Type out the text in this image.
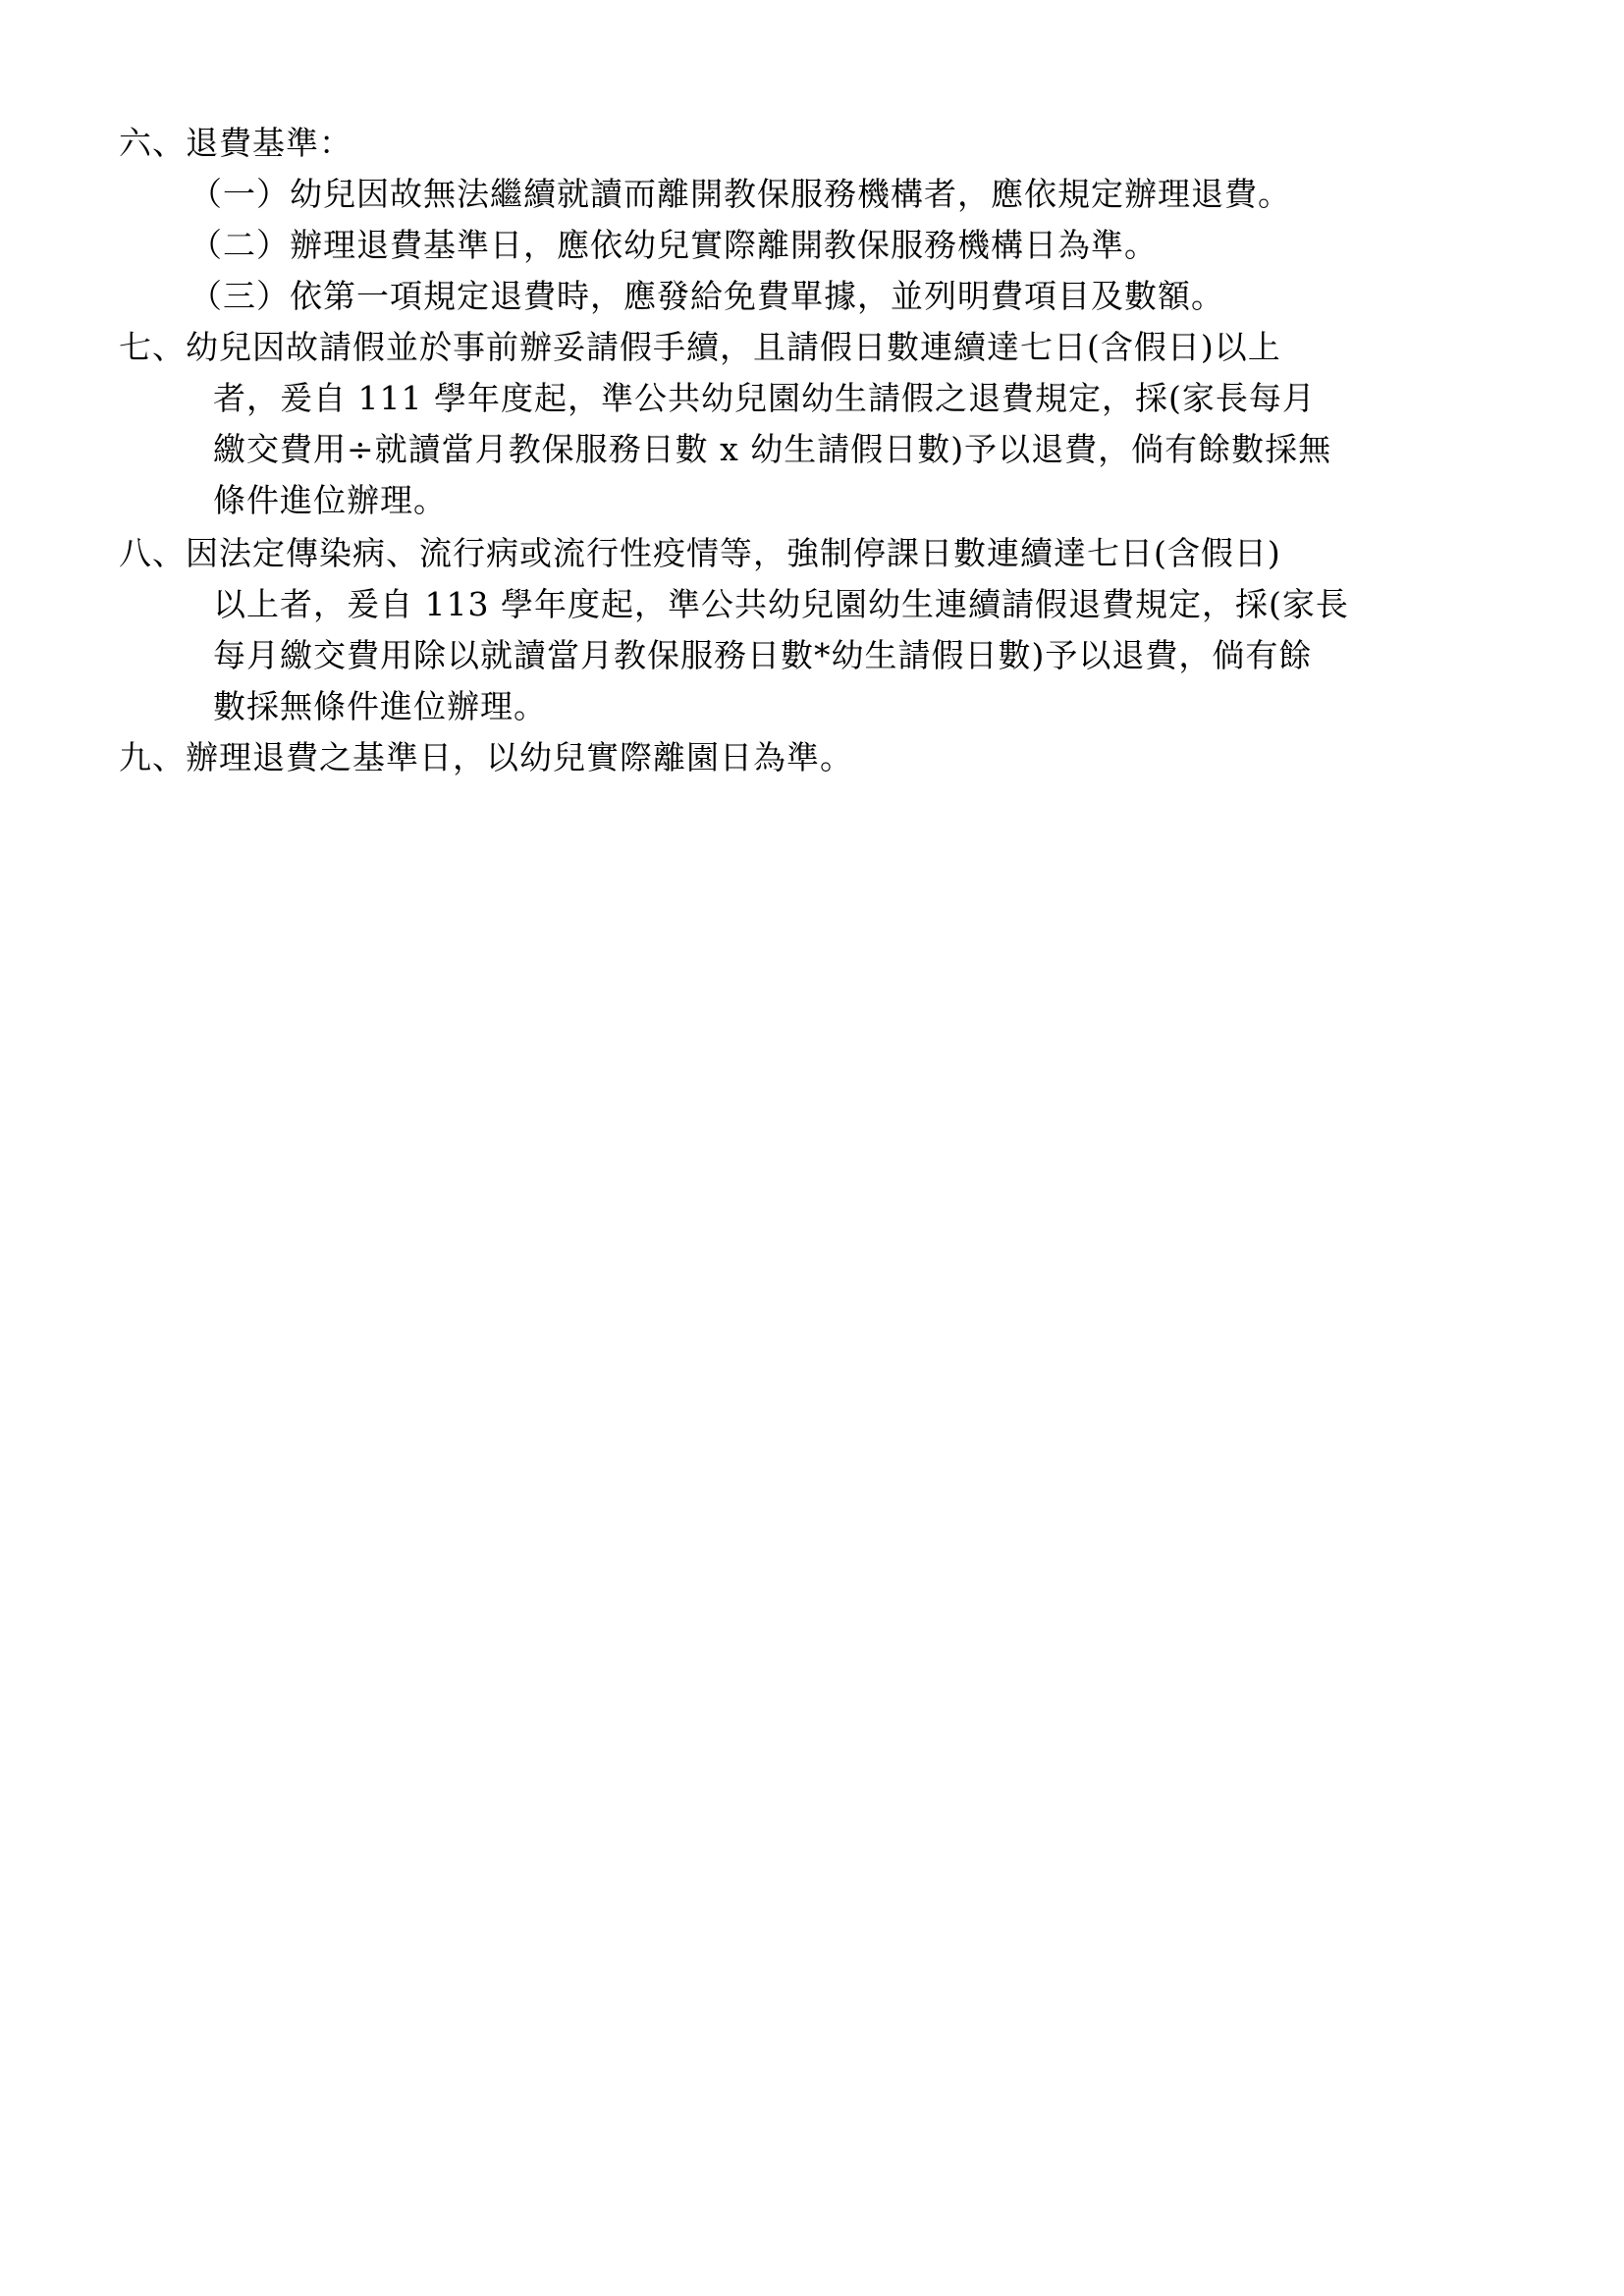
六、退費基準：
（一）幼兒因故無法繼續就讀而離開教保服務機構者，應依規定辦理退費。
（二）辦理退費基準日，應依幼兒實際離開教保服務機構日為準。
（三）依第一項規定退費時，應發給免費單據，並列明費項目及數額。
七、幼兒因故請假並於事前辦妥請假手續，且請假日數連續達七日(含假日)以上
者，爰自 111 學年度起，準公共幼兒園幼生請假之退費規定，採(家長每月
繳交費用÷就讀當月教保服務日數 x 幼生請假日數)予以退費，倘有餘數採無
條件進位辦理。
八、因法定傳染病、流行病或流行性疫情等，強制停課日數連續達七日(含假日)
以上者，爰自 113 學年度起，準公共幼兒園幼生連續請假退費規定，採(家長
每月繳交費用除以就讀當月教保服務日數*幼生請假日數)予以退費，倘有餘
數採無條件進位辦理。
九、辦理退費之基準日，以幼兒實際離園日為準。
